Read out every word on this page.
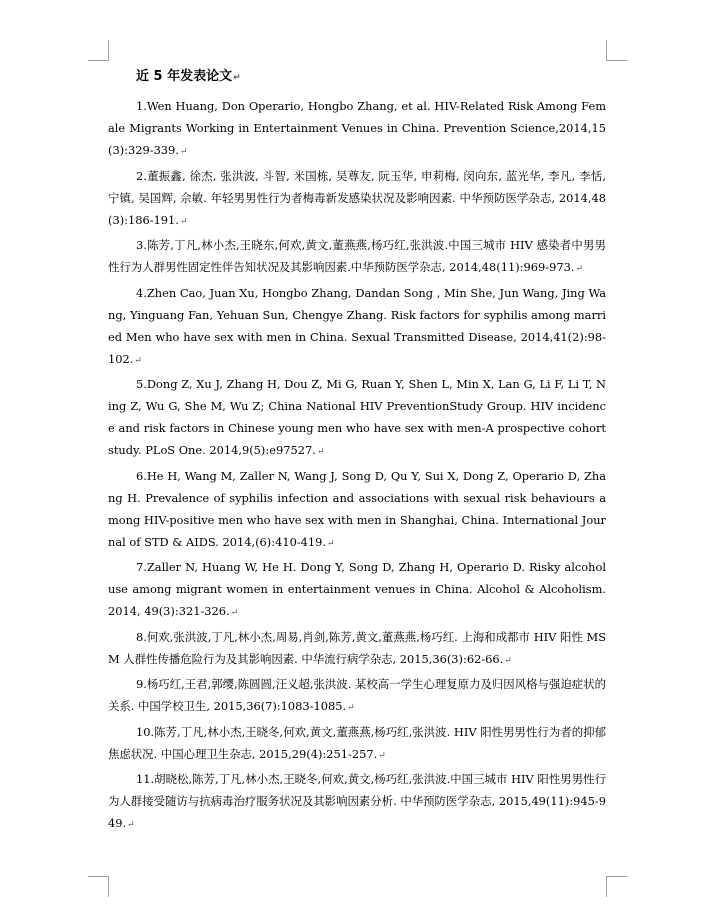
近 5 年发表论文↵

1.Wen Huang, Don Operario, Hongbo Zhang, et al. HIV-Related Risk Among Female Migrants Working in Entertainment Venues in China. Prevention Science,2014,15(3):329-339.↵

2.董振鑫, 徐杰, 张洪波, 斗智, 米国栋, 吴尊友, 阮玉华, 申莉梅, 闵向东, 蓝光华, 李凡, 李恬, 宁镇, 吴国辉, 佘敏. 年轻男男性行为者梅毒新发感染状况及影响因素. 中华预防医学杂志, 2014,48(3):186-191.↵

3.陈芳,丁凡,林小杰,王晓东,何欢,黄文,董燕燕,杨巧红,张洪波.中国三城市 HIV 感染者中男男性行为人群男性固定性伴告知状况及其影响因素.中华预防医学杂志, 2014,48(11):969-973.↵

4.Zhen Cao, Juan Xu, Hongbo Zhang, Dandan Song , Min She, Jun Wang, Jing Wang, Yinguang Fan, Yehuan Sun, Chengye Zhang. Risk factors for syphilis among married Men who have sex with men in China. Sexual Transmitted Disease, 2014,41(2):98-102.↵

5.Dong Z, Xu J, Zhang H, Dou Z, Mi G, Ruan Y, Shen L, Min X, Lan G, Li F, Li T, Ning Z, Wu G, She M, Wu Z; China National HIV PreventionStudy Group. HIV incidence and risk factors in Chinese young men who have sex with men-A prospective cohort study. PLoS One. 2014,9(5):e97527.↵

6.He H, Wang M, Zaller N, Wang J, Song D, Qu Y, Sui X, Dong Z, Operario D, Zhang H. Prevalence of syphilis infection and associations with sexual risk behaviours among HIV-positive men who have sex with men in Shanghai, China. International Journal of STD & AIDS. 2014,(6):410-419.↵

7.Zaller N, Huang W, He H. Dong Y, Song D, Zhang H, Operario D. Risky alcohol use among migrant women in entertainment venues in China. Alcohol & Alcoholism. 2014, 49(3):321-326.↵

8.何欢,张洪波,丁凡,林小杰,周易,肖剑,陈芳,黄文,董燕燕,杨巧红. 上海和成都市 HIV 阳性 MSM 人群性传播危险行为及其影响因素. 中华流行病学杂志, 2015,36(3):62-66.↵

9.杨巧红,王君,郭缨,陈圆圆,汪义超,张洪波. 某校高一学生心理复原力及归因风格与强迫症状的关系. 中国学校卫生, 2015,36(7):1083-1085.↵

10.陈芳,丁凡,林小杰,王晓冬,何欢,黄文,董燕燕,杨巧红,张洪波. HIV 阳性男男性行为者的抑郁焦虑状况. 中国心理卫生杂志, 2015,29(4):251-257.↵

11.胡晓松,陈芳,丁凡,林小杰,王晓冬,何欢,黄文,杨巧红,张洪波.中国三城市 HIV 阳性男男性行为人群接受随访与抗病毒治疗服务状况及其影响因素分析. 中华预防医学杂志, 2015,49(11):945-949.↵
